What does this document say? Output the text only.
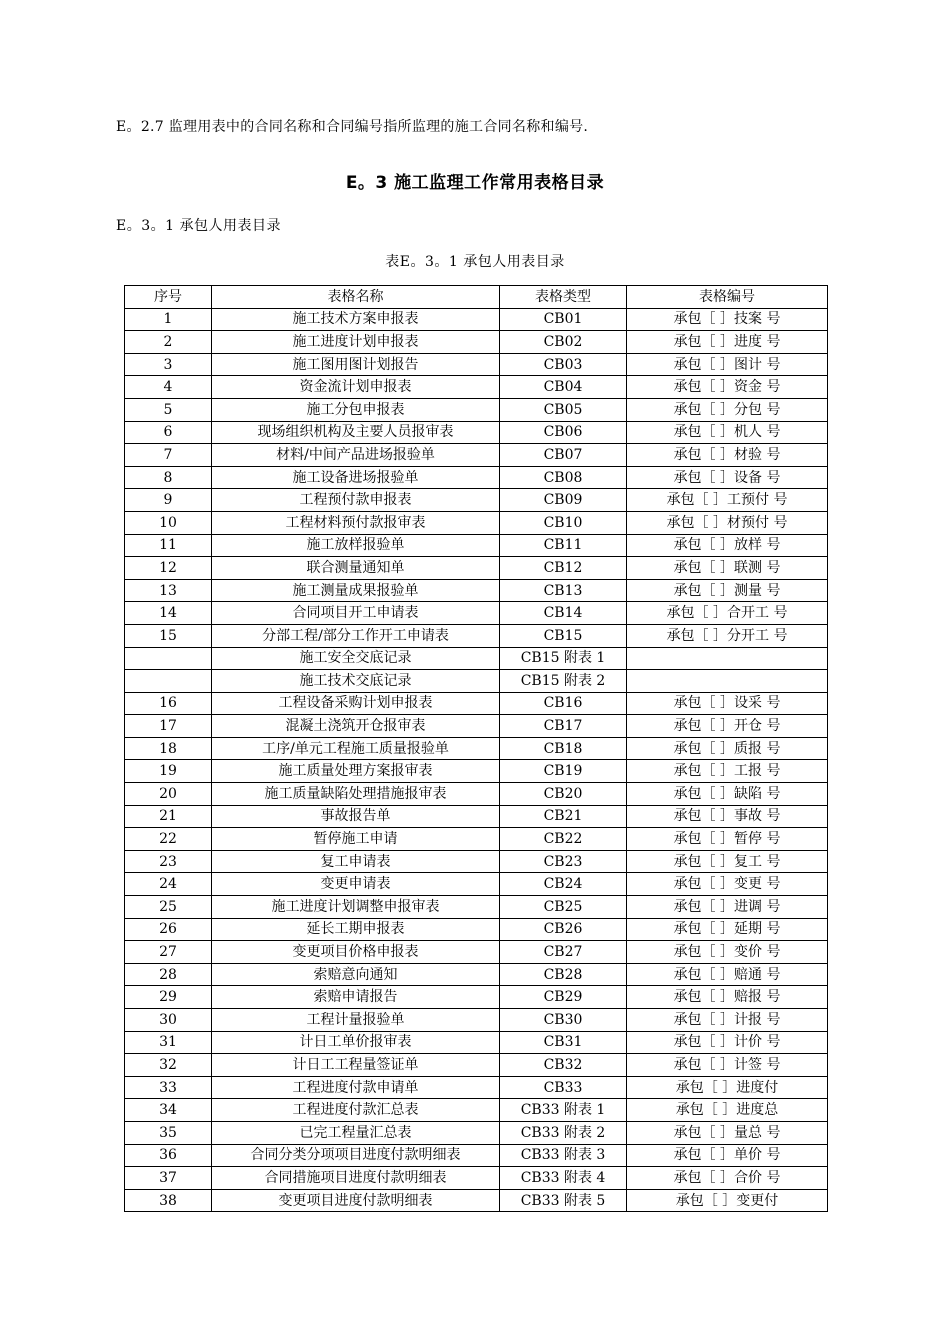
E。2.7 监理用表中的合同名称和合同编号指所监理的施工合同名称和编号.
E。3 施工监理工作常用表格目录
E。3。1 承包人用表目录
表E。3。1 承包人用表目录
序号	表格名称	表格类型	表格编号
1	施工技术方案申报表	CB01	承包［ ］技案 号
2	施工进度计划申报表	CB02	承包［ ］进度 号
3	施工图用图计划报告	CB03	承包［ ］图计 号
4	资金流计划申报表	CB04	承包［ ］资金 号
5	施工分包申报表	CB05	承包［ ］分包 号
6	现场组织机构及主要人员报审表	CB06	承包［ ］机人 号
7	材料/中间产品进场报验单	CB07	承包［ ］材验 号
8	施工设备进场报验单	CB08	承包［ ］设备 号
9	工程预付款申报表	CB09	承包［ ］工预付 号
10	工程材料预付款报审表	CB10	承包［ ］材预付 号
11	施工放样报验单	CB11	承包［ ］放样 号
12	联合测量通知单	CB12	承包［ ］联测 号
13	施工测量成果报验单	CB13	承包［ ］测量 号
14	合同项目开工申请表	CB14	承包［ ］合开工 号
15	分部工程/部分工作开工申请表	CB15	承包［ ］分开工 号
	施工安全交底记录	CB15 附表 1	
	施工技术交底记录	CB15 附表 2	
16	工程设备采购计划申报表	CB16	承包［ ］设采 号
17	混凝土浇筑开仓报审表	CB17	承包［ ］开仓 号
18	工序/单元工程施工质量报验单	CB18	承包［ ］质报 号
19	施工质量处理方案报审表	CB19	承包［ ］工报 号
20	施工质量缺陷处理措施报审表	CB20	承包［ ］缺陷 号
21	事故报告单	CB21	承包［ ］事故 号
22	暂停施工申请	CB22	承包［ ］暂停 号
23	复工申请表	CB23	承包［ ］复工 号
24	变更申请表	CB24	承包［ ］变更 号
25	施工进度计划调整申报审表	CB25	承包［ ］进调 号
26	延长工期申报表	CB26	承包［ ］延期 号
27	变更项目价格申报表	CB27	承包［ ］变价 号
28	索赔意向通知	CB28	承包［ ］赔通 号
29	索赔申请报告	CB29	承包［ ］赔报 号
30	工程计量报验单	CB30	承包［ ］计报 号
31	计日工单价报审表	CB31	承包［ ］计价 号
32	计日工工程量签证单	CB32	承包［ ］计签 号
33	工程进度付款申请单	CB33	承包［ ］进度付
34	工程进度付款汇总表	CB33 附表 1	承包［ ］进度总
35	已完工程量汇总表	CB33 附表 2	承包［ ］量总 号
36	合同分类分项项目进度付款明细表	CB33 附表 3	承包［ ］单价 号
37	合同措施项目进度付款明细表	CB33 附表 4	承包［ ］合价 号
38	变更项目进度付款明细表	CB33 附表 5	承包［ ］变更付
